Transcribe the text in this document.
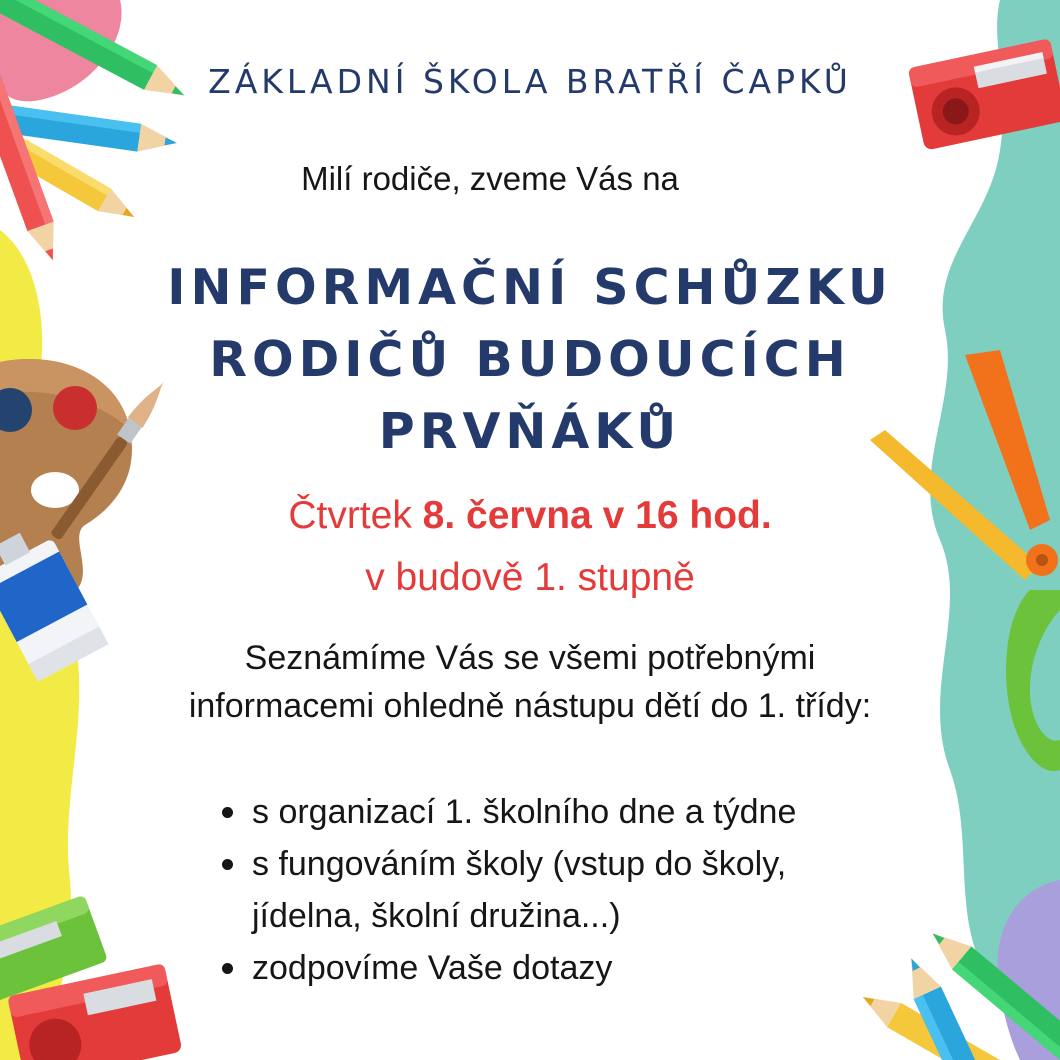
ZÁKLADNÍ ŠKOLA BRATŘÍ ČAPKŮ
Milí rodiče, zveme Vás na
INFORMAČNÍ SCHŮZKU
RODIČŮ BUDOUCÍCH
PRVŇÁKŮ
Čtvrtek 8. června v 16 hod.
v budově 1. stupně
Seznámíme Vás se všemi potřebnými
informacemi ohledně nástupu dětí do 1. třídy:
s organizací 1. školního dne a týdne
s fungováním školy (vstup do školy,
jídelna, školní družina...)
zodpovíme Vaše dotazy
